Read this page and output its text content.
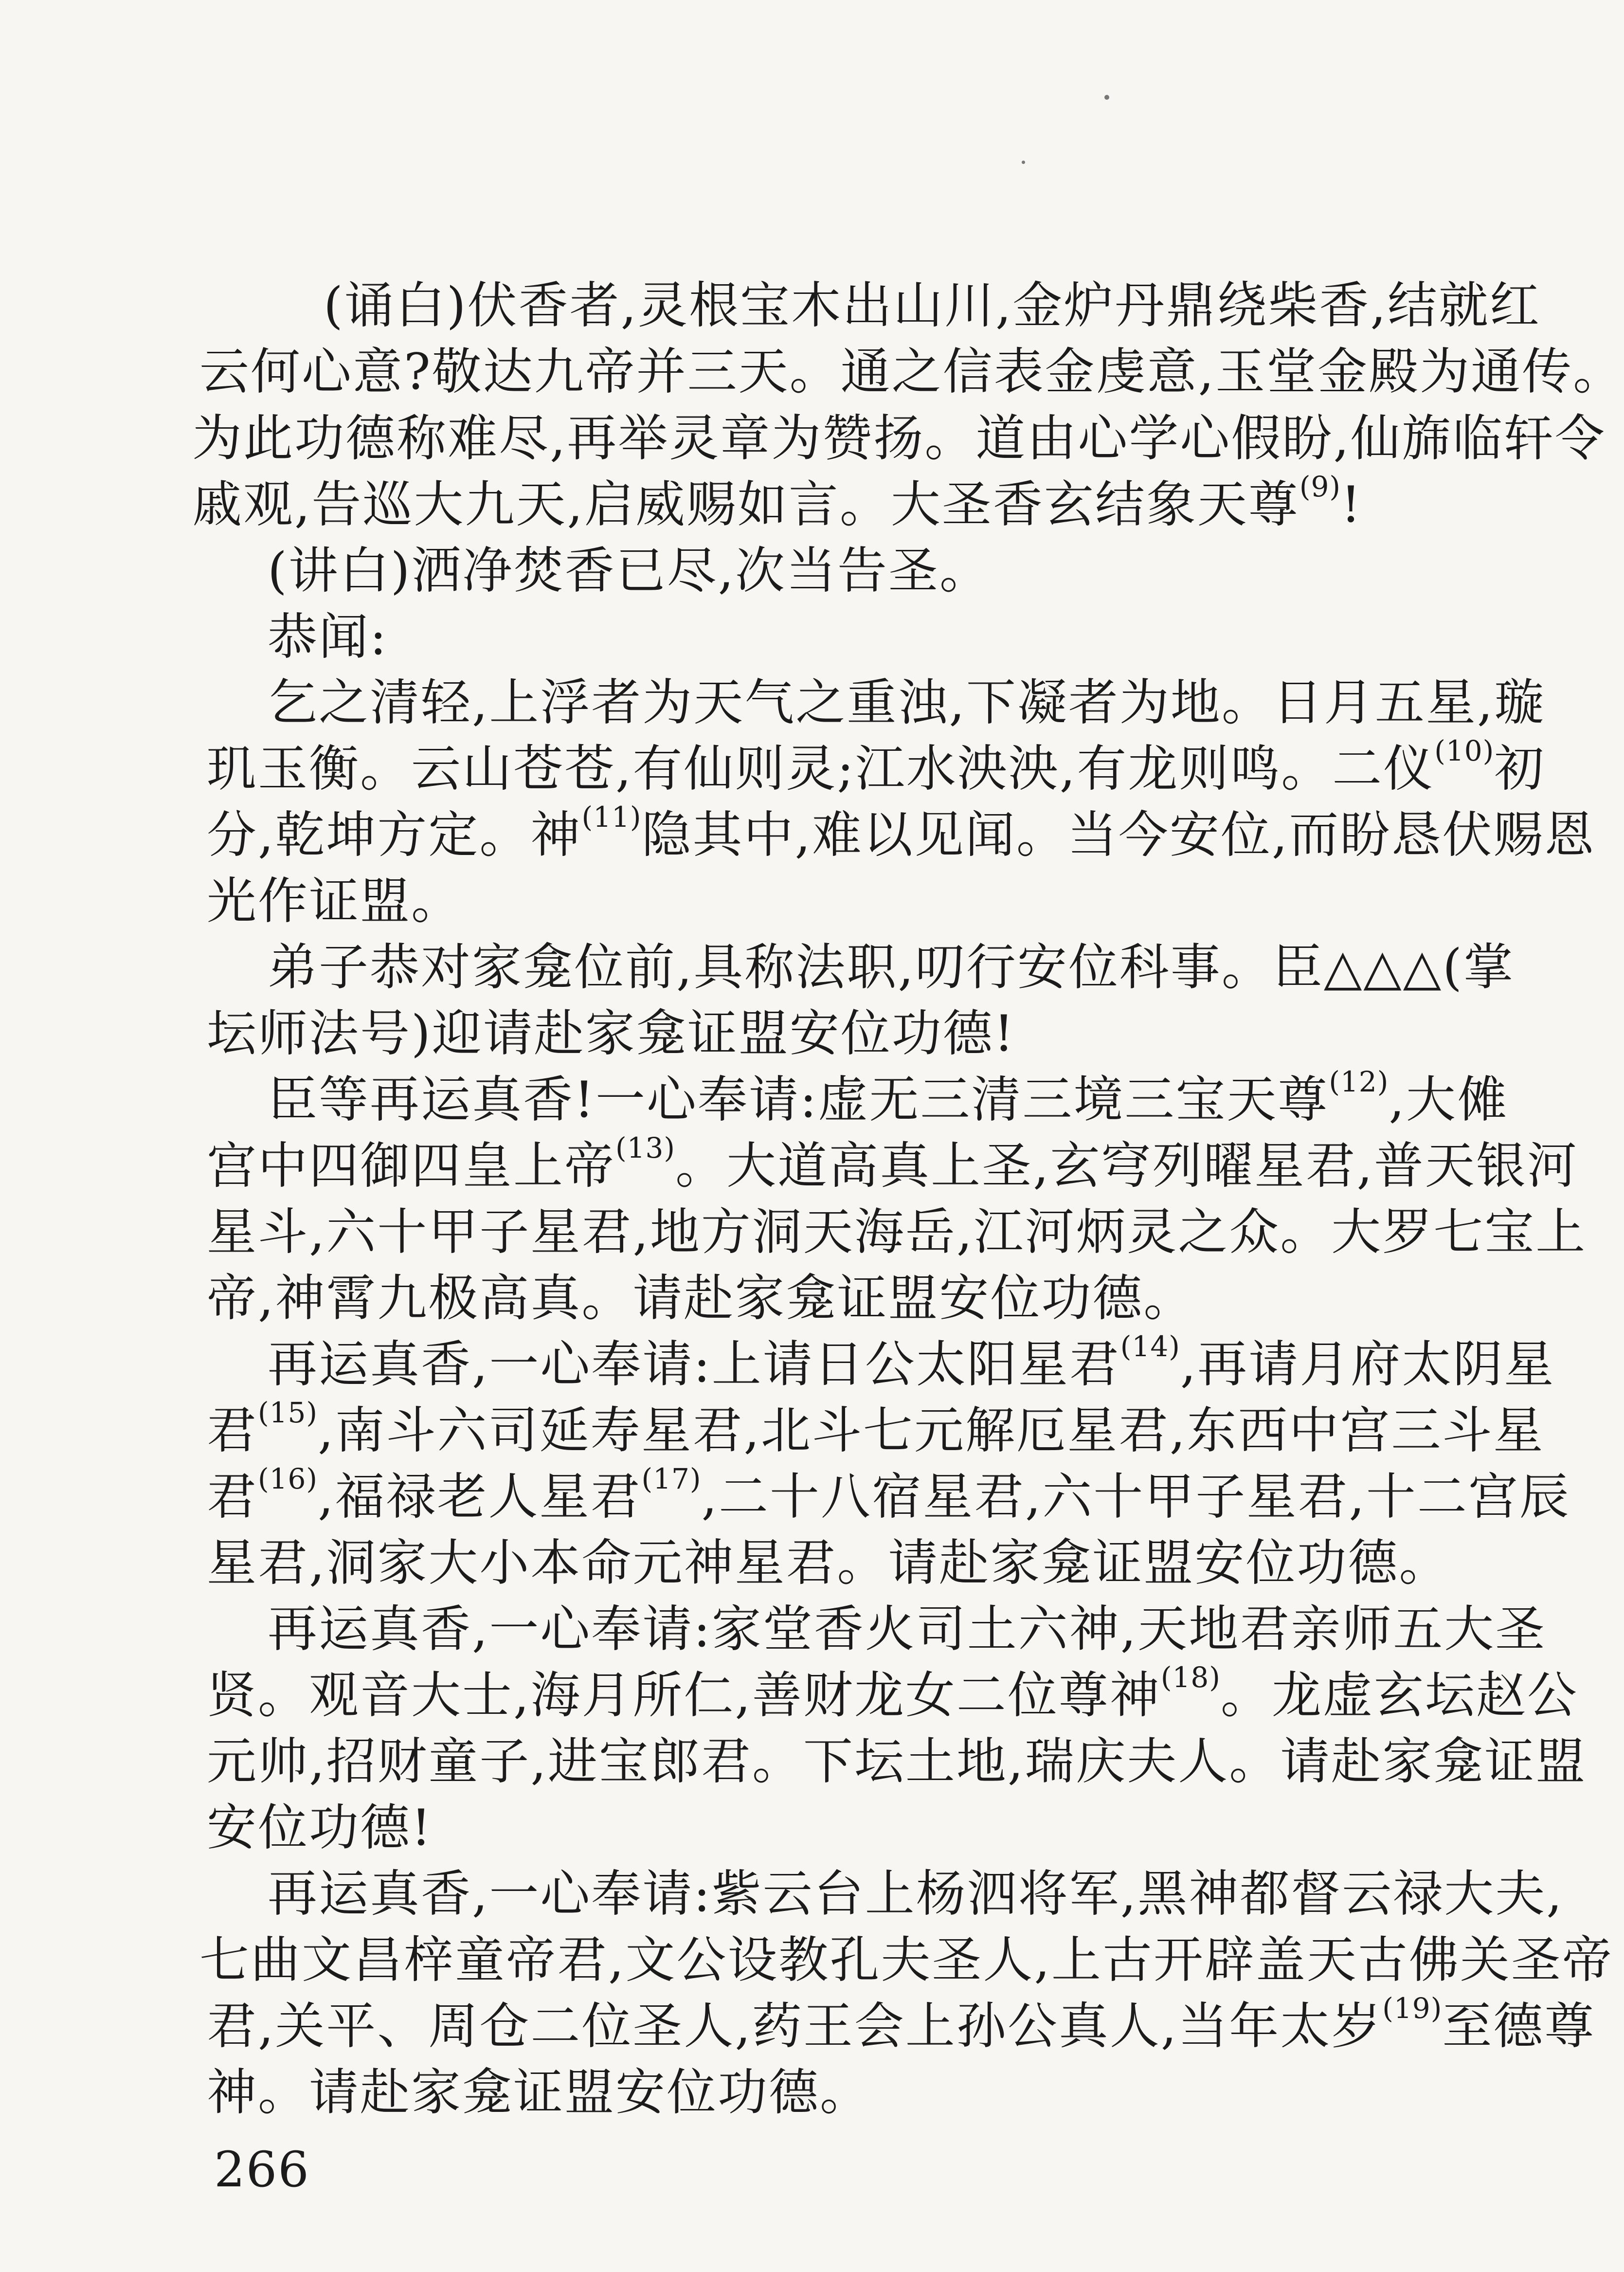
(诵白)伏香者,灵根宝木出山川,金炉丹鼎绕柴香,结就红
云何心意?敬达九帝并三天。通之信表金虔意,玉堂金殿为通传。
为此功德称难尽,再举灵章为赞扬。道由心学心假盼,仙旆临轩令
戚观,告巡大九天,启威赐如言。大圣香玄结象天尊$^{(9)}$!
(讲白)洒净焚香已尽,次当告圣。
恭闻:
乞之清轻,上浮者为天气之重浊,下凝者为地。日月五星,璇
玑玉衡。云山苍苍,有仙则灵;江水泱泱,有龙则鸣。二仪$^{(10)}$初
分,乾坤方定。神$^{(11)}$隐其中,难以见闻。当今安位,而盼恳伏赐恩
光作证盟。
弟子恭对家龛位前,具称法职,叨行安位科事。臣△△△(掌
坛师法号)迎请赴家龛证盟安位功德!
臣等再运真香!一心奉请:虚无三清三境三宝天尊$^{(12)}$,大傩
宫中四御四皇上帝$^{(13)}$。大道高真上圣,玄穹列曜星君,普天银河
星斗,六十甲子星君,地方洞天海岳,江河炳灵之众。大罗七宝上
帝,神霄九极高真。请赴家龛证盟安位功德。
再运真香,一心奉请:上请日公太阳星君$^{(14)}$,再请月府太阴星
君$^{(15)}$,南斗六司延寿星君,北斗七元解厄星君,东西中宫三斗星
君$^{(16)}$,福禄老人星君$^{(17)}$,二十八宿星君,六十甲子星君,十二宫辰
星君,洞家大小本命元神星君。请赴家龛证盟安位功德。
再运真香,一心奉请:家堂香火司土六神,天地君亲师五大圣
贤。观音大士,海月所仁,善财龙女二位尊神$^{(18)}$。龙虚玄坛赵公
元帅,招财童子,进宝郎君。下坛土地,瑞庆夫人。请赴家龛证盟
安位功德!
再运真香,一心奉请:紫云台上杨泗将军,黑神都督云禄大夫,
七曲文昌梓童帝君,文公设教孔夫圣人,上古开辟盖天古佛关圣帝
君,关平、周仓二位圣人,药王会上孙公真人,当年太岁$^{(19)}$至德尊
神。请赴家龛证盟安位功德。
266
